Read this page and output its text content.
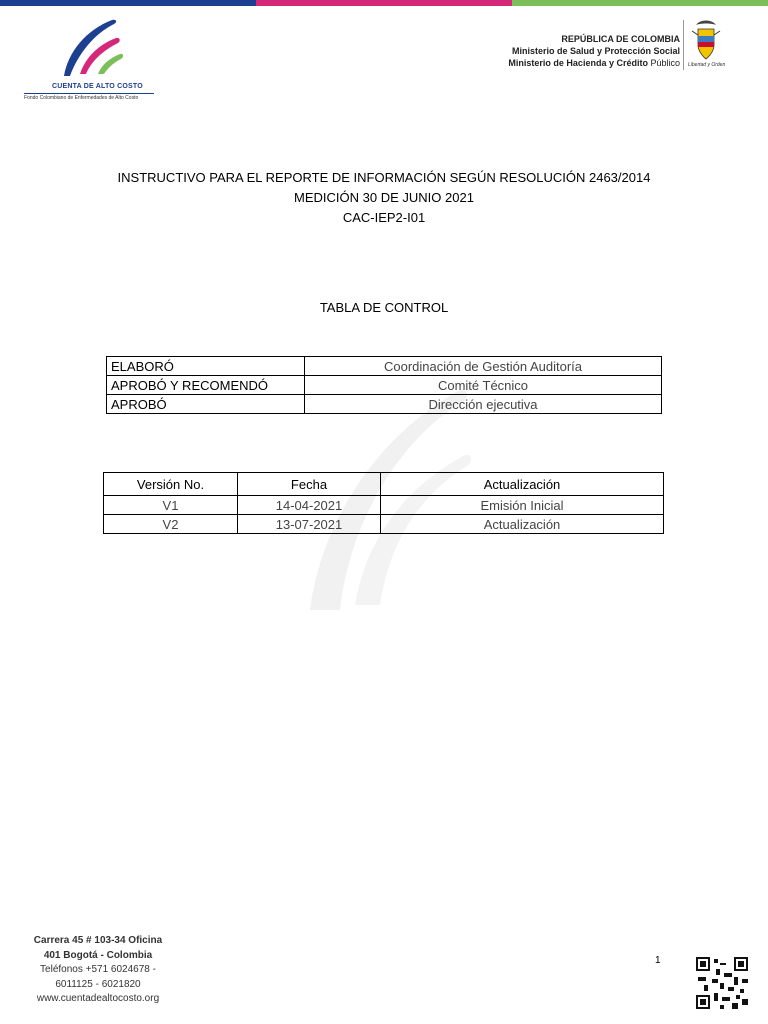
CUENTA DE ALTO COSTO
Fondo Colombiano de Enfermedades de Alto Costo
REPÚBLICA DE COLOMBIA
Ministerio de Salud y Protección Social
Ministerio de Hacienda y Crédito Público Libertad y Orden
INSTRUCTIVO PARA EL REPORTE DE INFORMACIÓN SEGÚN RESOLUCIÓN 2463/2014
MEDICIÓN 30 DE JUNIO 2021
CAC-IEP2-I01
TABLA DE CONTROL
ELABORÓ	Coordinación de Gestión Auditoría
APROBÓ Y RECOMENDÓ	Comité Técnico
APROBÓ	Dirección ejecutiva
Versión No.	Fecha	Actualización
V1	14-04-2021	Emisión Inicial
V2	13-07-2021	Actualización
Carrera 45 # 103-34 Oficina
401 Bogotá - Colombia
Teléfonos +571 6024678 -
6011125 - 6021820
www.cuentadealtocosto.org
1
